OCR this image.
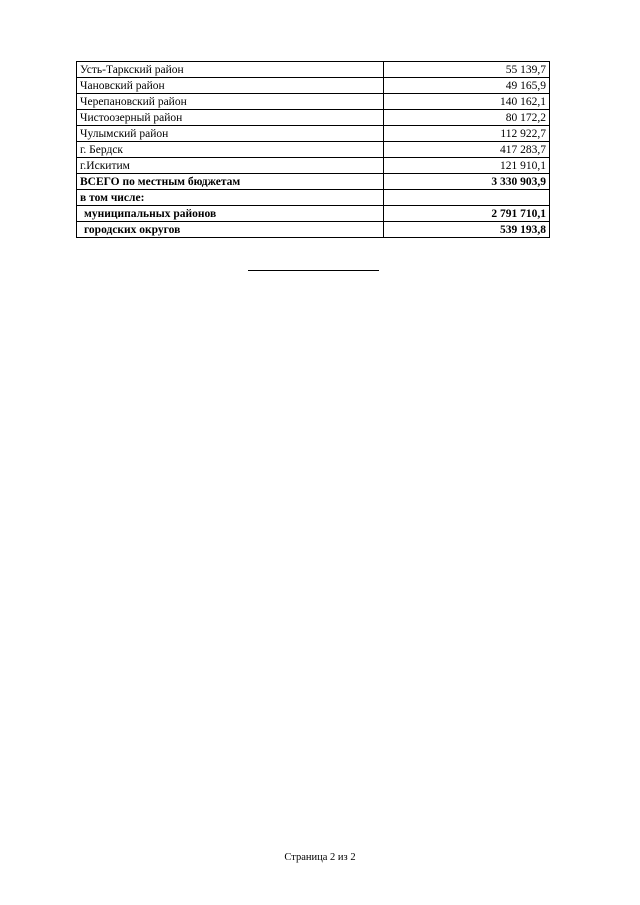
Усть-Таркский район	55 139,7
Чановский район	49 165,9
Черепановский район	140 162,1
Чистоозерный район	80 172,2
Чулымский район	112 922,7
г. Бердск	417 283,7
г.Искитим	121 910,1
ВСЕГО по местным бюджетам	3 330 903,9
в том числе:	
муниципальных районов	2 791 710,1
городских округов	539 193,8
Страница 2 из 2
